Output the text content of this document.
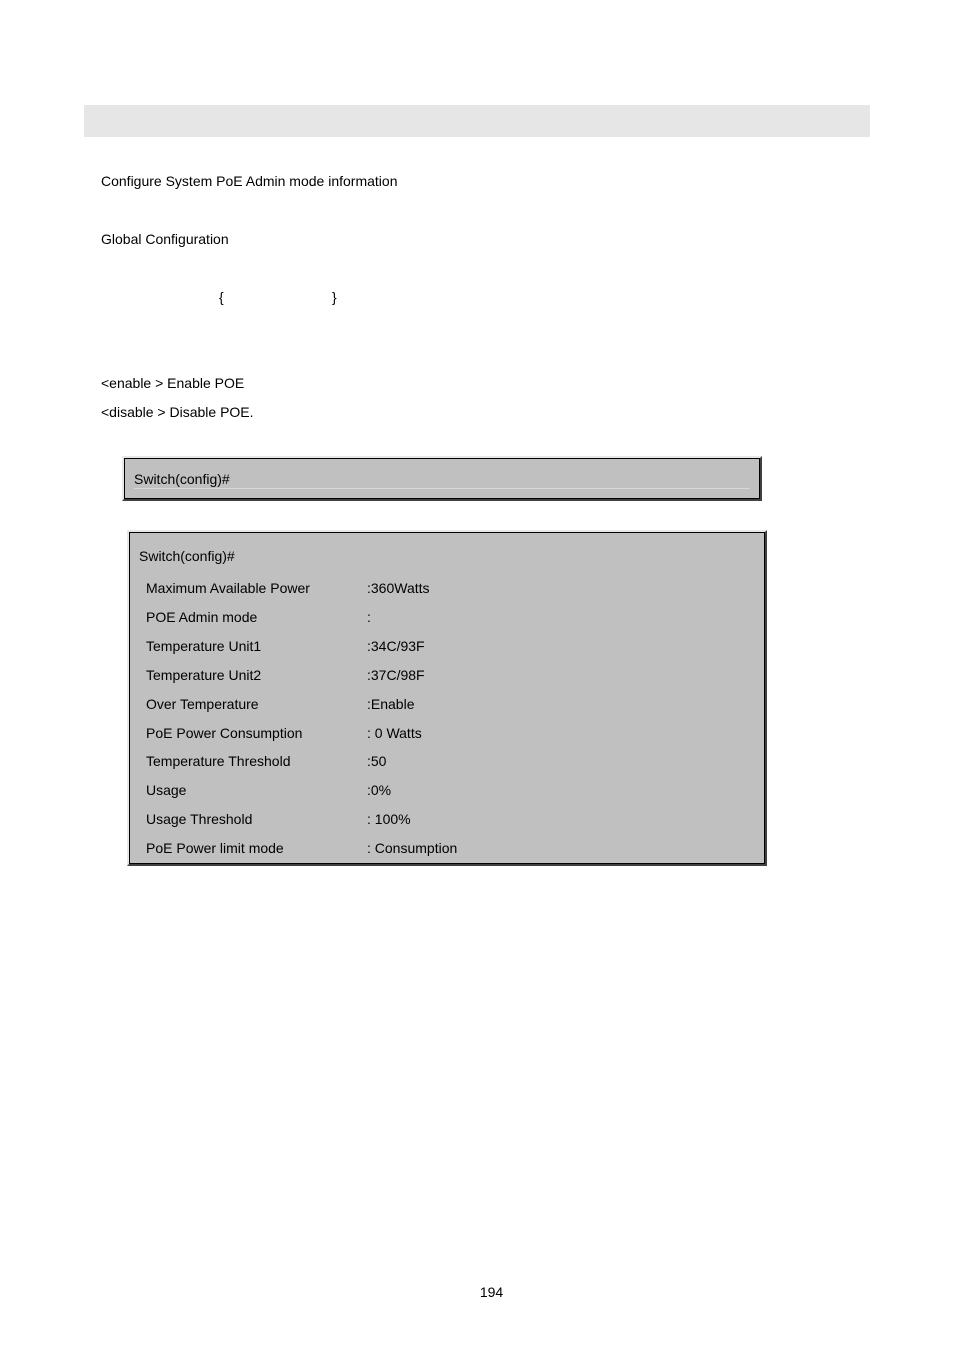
Configure System PoE Admin mode information
Global Configuration
{	}
<enable > Enable POE
<disable > Disable POE.
Switch(config)#
Switch(config)#
Maximum Available Power	:360Watts
POE Admin mode	:
Temperature Unit1	:34C/93F
Temperature Unit2	:37C/98F
Over Temperature	:Enable
PoE Power Consumption	: 0 Watts
Temperature Threshold	:50
Usage	:0%
Usage Threshold	: 100%
PoE Power limit mode	: Consumption
194
